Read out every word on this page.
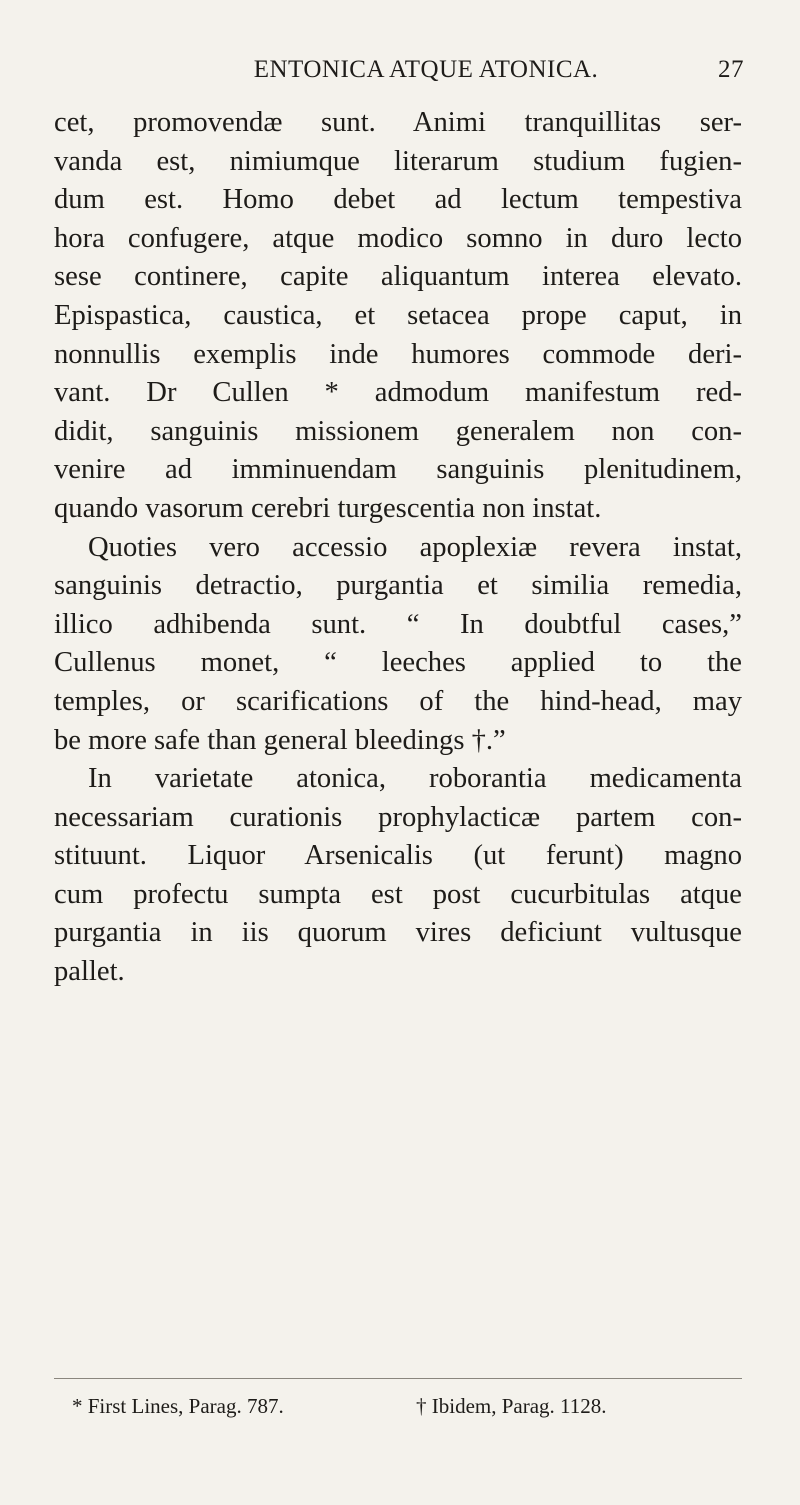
ENTONICA ATQUE ATONICA.	27
cet, promovendæ sunt. Animi tranquillitas ser-
vanda est, nimiumque literarum studium fugien-
dum est. Homo debet ad lectum tempestiva
hora confugere, atque modico somno in duro lecto
sese continere, capite aliquantum interea elevato.
Epispastica, caustica, et setacea prope caput, in
nonnullis exemplis inde humores commode deri-
vant. Dr Cullen * admodum manifestum red-
didit, sanguinis missionem generalem non con-
venire ad imminuendam sanguinis plenitudinem,
quando vasorum cerebri turgescentia non instat.
Quoties vero accessio apoplexiæ revera instat,
sanguinis detractio, purgantia et similia remedia,
illico adhibenda sunt. “ In doubtful cases,”
Cullenus monet, “ leeches applied to the
temples, or scarifications of the hind-head, may
be more safe than general bleedings †.”
In varietate atonica, roborantia medicamenta
necessariam curationis prophylacticæ partem con-
stituunt. Liquor Arsenicalis (ut ferunt) magno
cum profectu sumpta est post cucurbitulas atque
purgantia in iis quorum vires deficiunt vultusque
pallet.
* First Lines, Parag. 787.	† Ibidem, Parag. 1128.
